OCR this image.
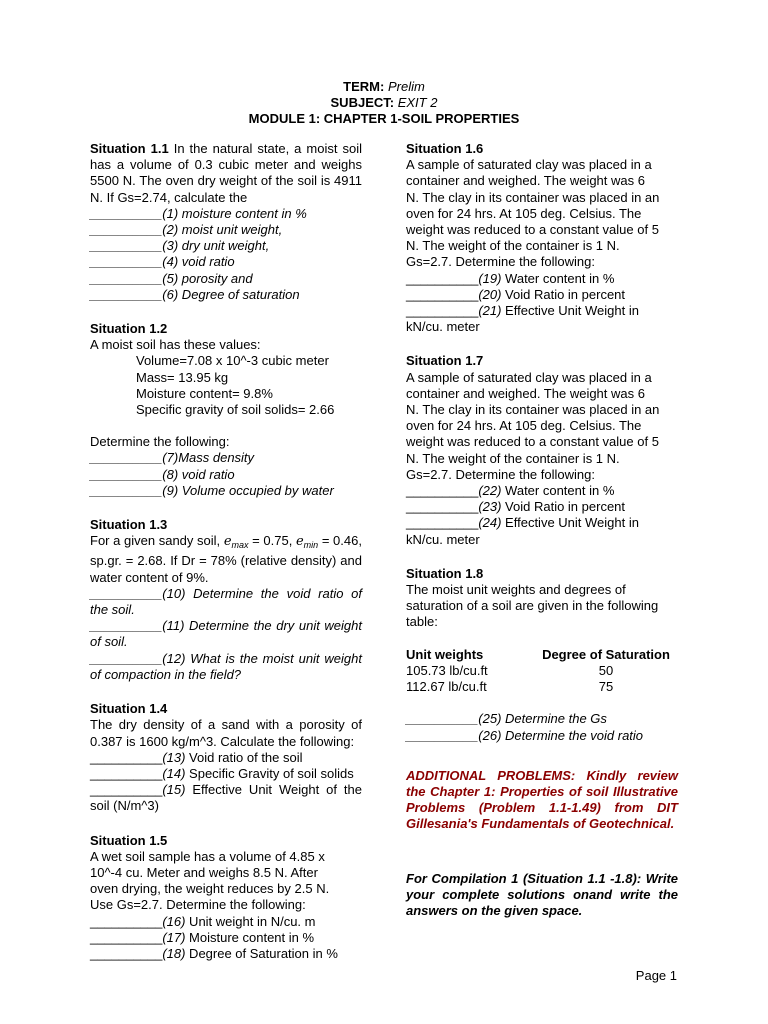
TERM: Prelim
SUBJECT: EXIT 2
MODULE 1: CHAPTER 1-SOIL PROPERTIES
Situation 1.1 In the natural state, a moist soil has a volume of 0.3 cubic meter and weighs 5500 N. The oven dry weight of the soil is 4911 N. If Gs=2.74, calculate the
__________(1) moisture content in %
__________(2) moist unit weight,
__________(3) dry unit weight,
__________(4) void ratio
__________(5) porosity and
__________(6) Degree of saturation
Situation 1.2
A moist soil has these values:
Volume=7.08 x 10^-3 cubic meter
Mass= 13.95 kg
Moisture content= 9.8%
Specific gravity of soil solids= 2.66
Determine the following:
__________(7)Mass density
__________(8) void ratio
__________(9) Volume occupied by water
Situation 1.3
For a given sandy soil, $e_{max} = 0.75$, $e_{min} = 0.46$, sp.gr. = 2.68. If Dr = 78% (relative density) and water content of 9%.
__________(10) Determine the void ratio of the soil.
__________(11) Determine the dry unit weight of soil.
__________(12) What is the moist unit weight of compaction in the field?
Situation 1.4
The dry density of a sand with a porosity of 0.387 is 1600 kg/m^3. Calculate the following:
__________(13) Void ratio of the soil
__________(14) Specific Gravity of soil solids
__________(15) Effective Unit Weight of the soil (N/m^3)
Situation 1.5
A wet soil sample has a volume of 4.85 x
10^-4 cu. Meter and weighs 8.5 N. After
oven drying, the weight reduces by 2.5 N.
Use Gs=2.7. Determine the following:
__________(16) Unit weight in N/cu. m
__________(17) Moisture content in %
__________(18) Degree of Saturation in %
Situation 1.6
A sample of saturated clay was placed in a
container and weighed. The weight was 6
N. The clay in its container was placed in an
oven for 24 hrs. At 105 deg. Celsius. The
weight was reduced to a constant value of 5
N. The weight of the container is 1 N.
Gs=2.7. Determine the following:
__________(19) Water content in %
__________(20) Void Ratio in percent
__________(21) Effective Unit Weight in
kN/cu. meter
Situation 1.7
A sample of saturated clay was placed in a
container and weighed. The weight was 6
N. The clay in its container was placed in an
oven for 24 hrs. At 105 deg. Celsius. The
weight was reduced to a constant value of 5
N. The weight of the container is 1 N.
Gs=2.7. Determine the following:
__________(22) Water content in %
__________(23) Void Ratio in percent
__________(24) Effective Unit Weight in
kN/cu. meter
Situation 1.8
The moist unit weights and degrees of
saturation of a soil are given in the following
table:
Unit weights	Degree of Saturation
105.73 lb/cu.ft	50
112.67 lb/cu.ft	75
__________(25) Determine the Gs
__________(26) Determine the void ratio
ADDITIONAL PROBLEMS: Kindly review the Chapter 1: Properties of soil Illustrative Problems (Problem 1.1-1.49) from DIT Gillesania's Fundamentals of Geotechnical.
For Compilation 1 (Situation 1.1 -1.8): Write your complete solutions onand write the answers on the given space.
Page 1
